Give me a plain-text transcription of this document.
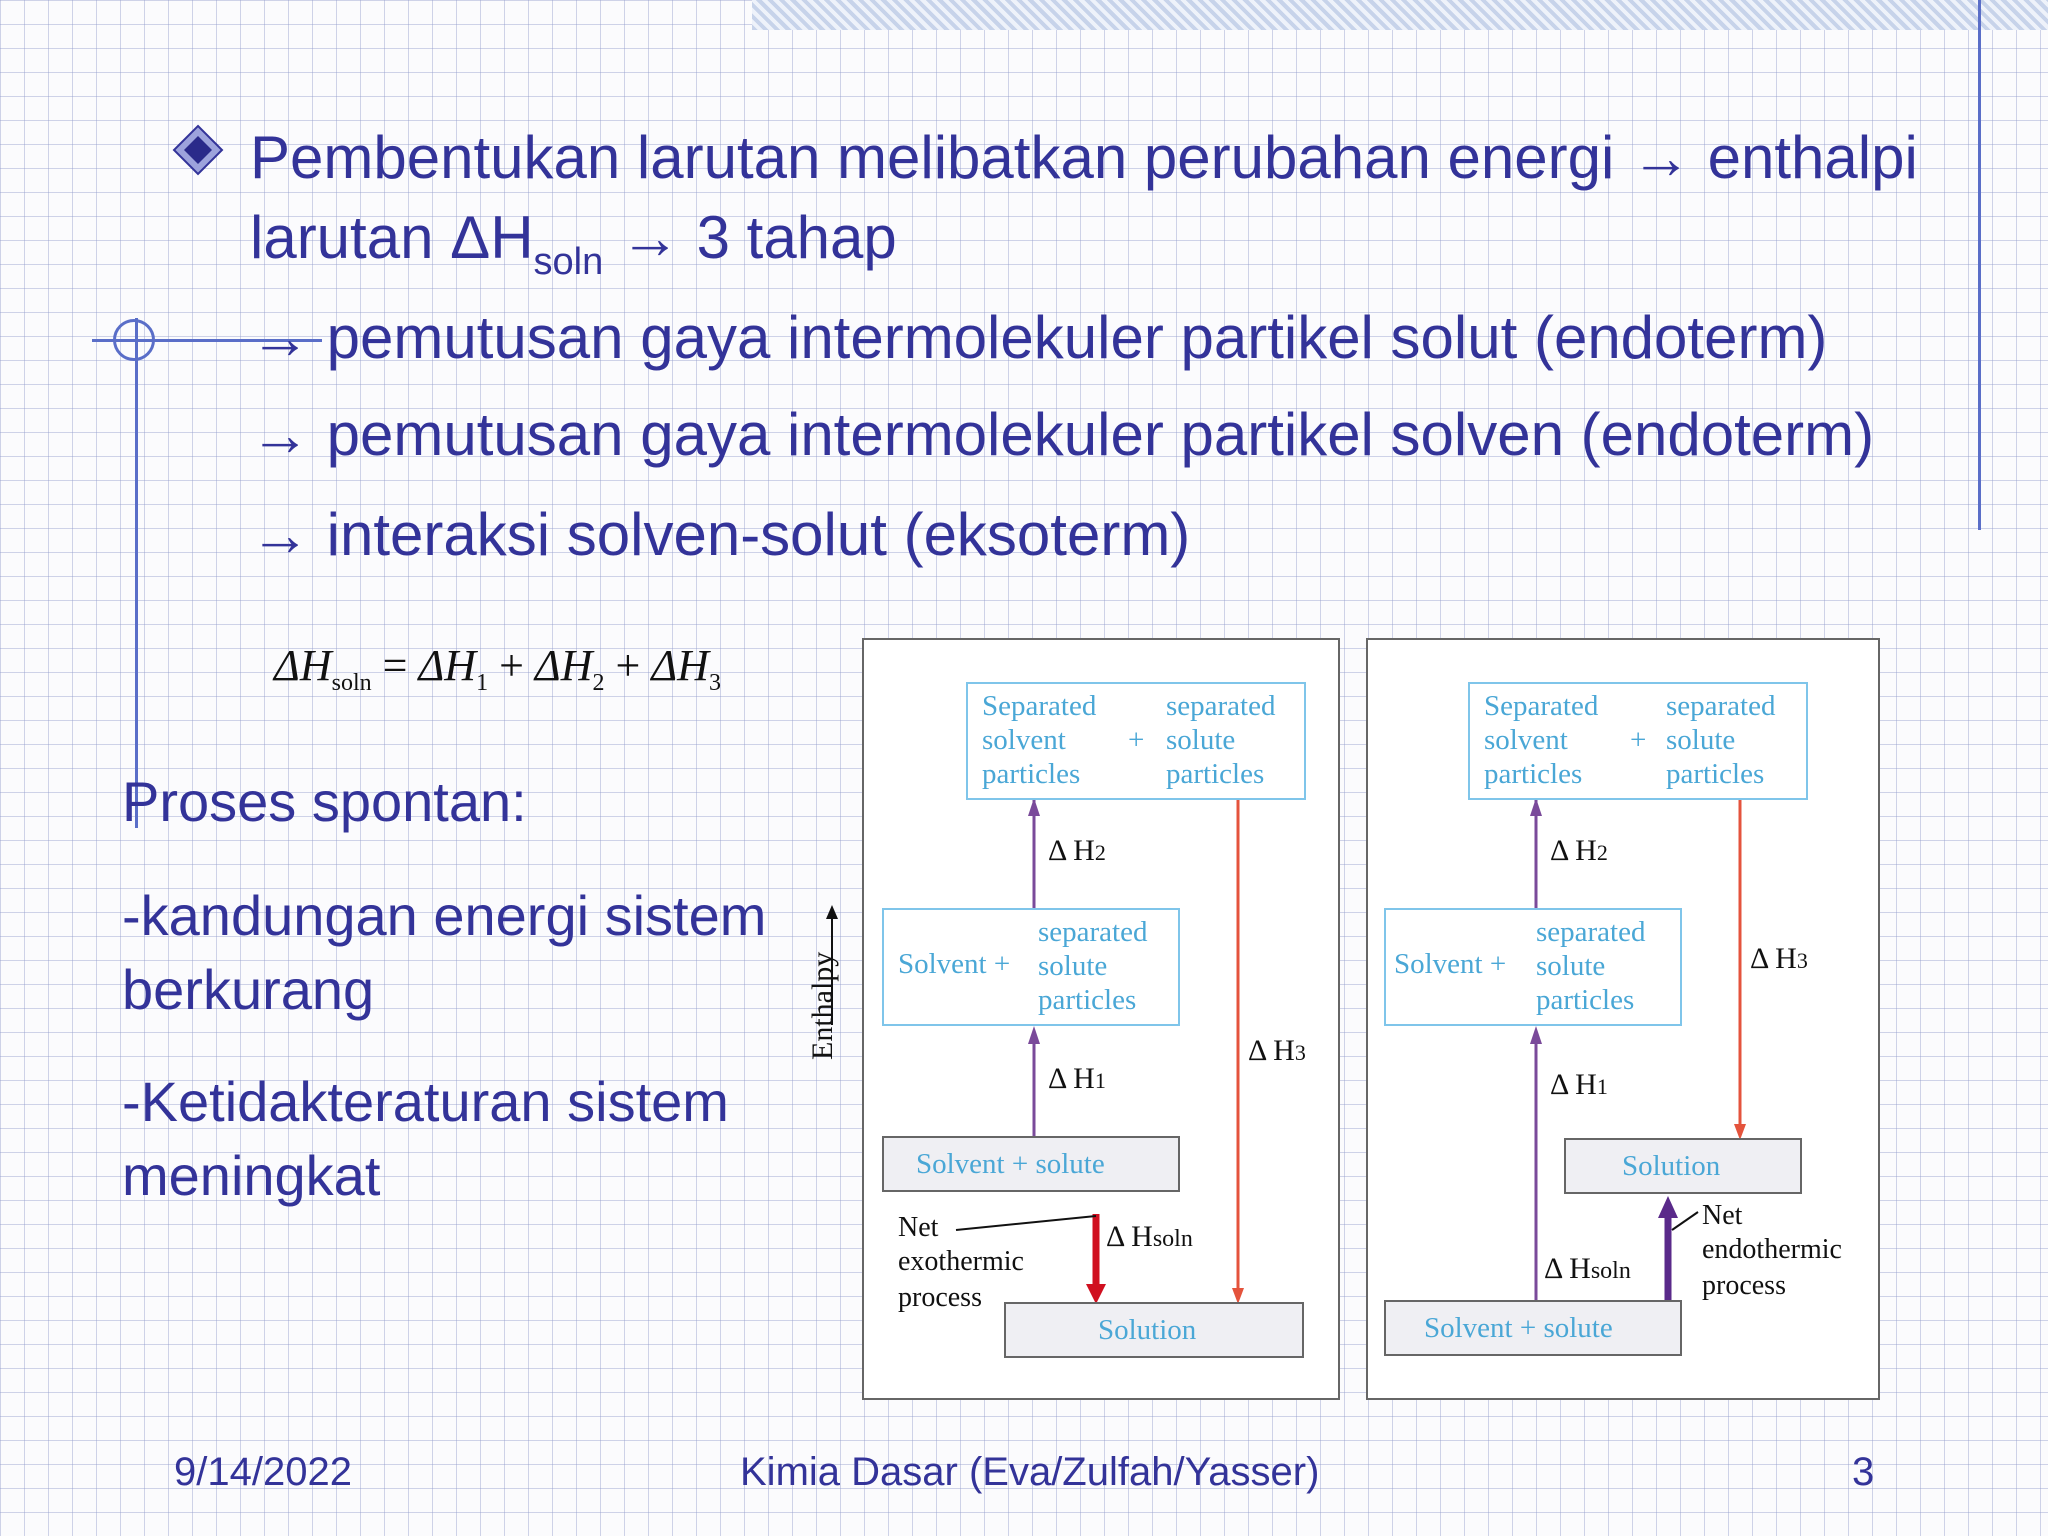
Pembentukan larutan melibatkan perubahan energi → enthalpi
larutan $\Delta H_{soln} \to 3$ tahap
→ pemutusan gaya intermolekuler partikel solut (endoterm)
→ pemutusan gaya intermolekuler partikel solven (endoterm)
→ interaksi solven-solut (eksoterm)
$\Delta H_{soln} = \Delta H_1 + \Delta H_2 + \Delta H_3$
Proses spontan:
-kandungan energi sistem
berkurang
-Ketidakteraturan sistem
meningkat
Enthalpy
Separated
solvent
particles
+
separated
solute
particles
Δ H2
Solvent +
separated
solute
particles
Δ H1
Δ H3
Solvent + solute
Net
exothermic
process
Δ Hsoln
Solution
Separated
solvent
particles
+
separated
solute
particles
Δ H2
Solvent +
separated
solute
particles
Δ H3
Δ H1
Solution
Net
endothermic
process
Δ Hsoln
Solvent + solute
9/14/2022	Kimia Dasar (Eva/Zulfah/Yasser)	3
